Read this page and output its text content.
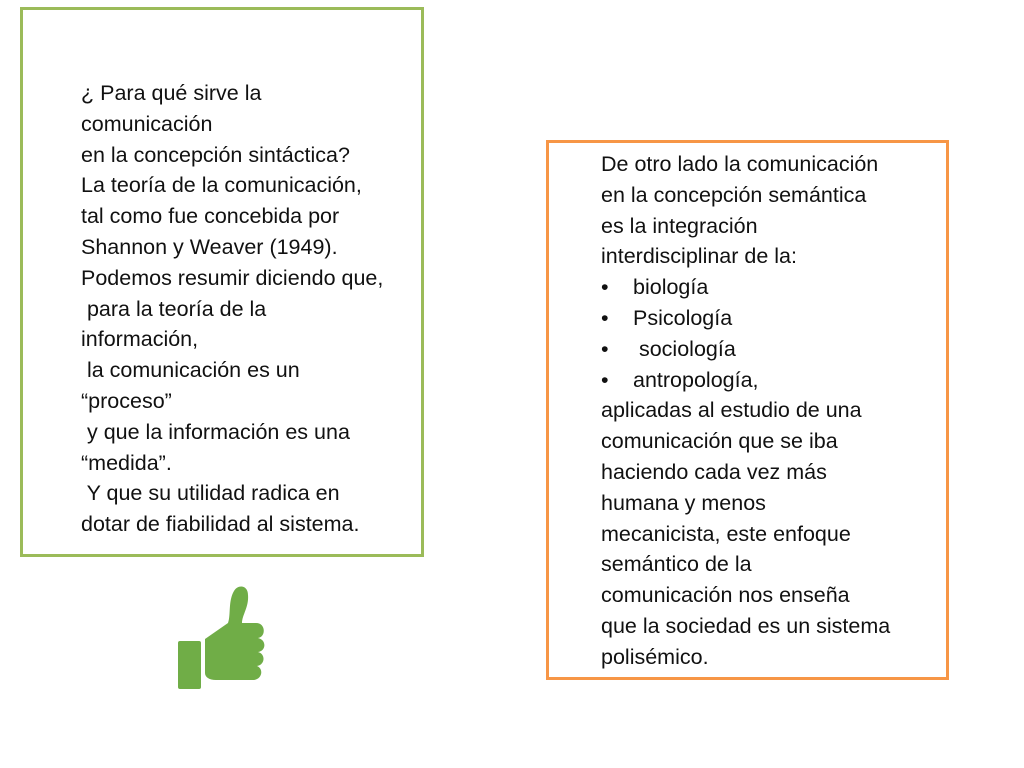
¿ Para qué sirve la
comunicación
en la concepción sintáctica?
La teoría de la comunicación,
tal como fue concebida por
Shannon y Weaver (1949).
Podemos resumir diciendo que,
para la teoría de la
información,
la comunicación es un
“proceso”
y que la información es una
“medida”.
Y que su utilidad radica en
dotar de fiabilidad al sistema.
De otro lado la comunicación
en la concepción semántica
es la integración
interdisciplinar de la:
•	biología
•	Psicología
•	sociología
•	antropología,
aplicadas al estudio de una
comunicación que se iba
haciendo cada vez más
humana y menos
mecanicista, este enfoque
semántico de la
comunicación nos enseña
que la sociedad es un sistema
polisémico.
